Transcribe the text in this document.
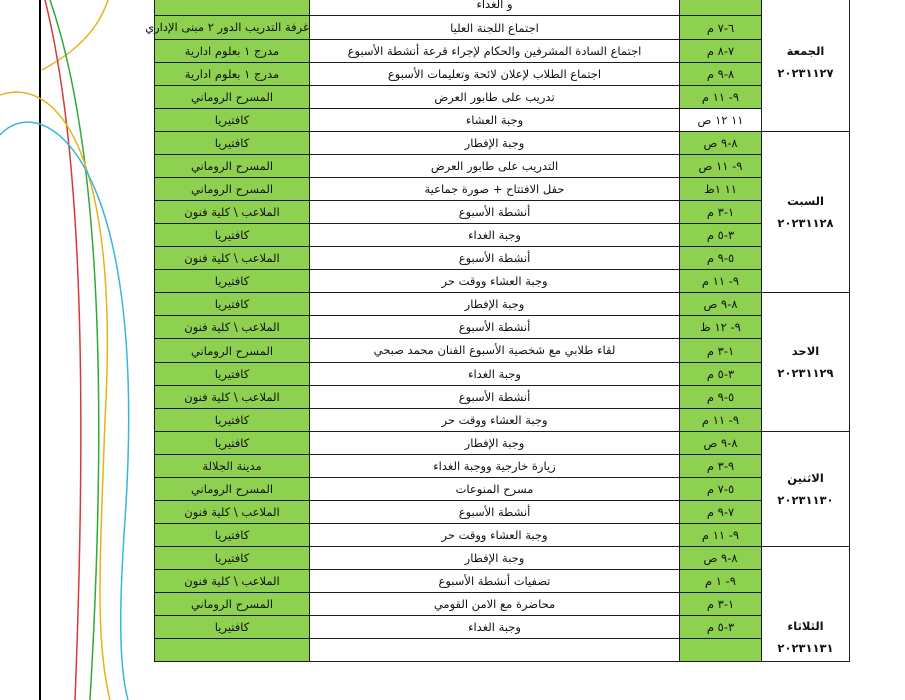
الجمعة
٢٠٢٣١١٢٧		و الغداء	
	٦-٧ م	اجتماع اللجنة العليا	غرفة التدريب الدور ٢ مبنى الإداري
	٧-٨ م	اجتماع السادة المشرفين والحكام لإجراء قرعة أنشطة الأسبوع	مدرج ١ بعلوم ادارية
	٨-٩ م	اجتماع الطلاب لإعلان لائحة وتعليمات الأسبوع	مدرج ١ بعلوم ادارية
	٩- ١١ م	تدريب على طابور العرض	المسرح الروماني
	١١ ١٢ ص	وجبة العشاء	كافتيريا

السبت
٢٠٢٣١١٢٨	٨-٩ ص	وجبة الإفطار	كافتيريا
	٩- ١١ ص	التدريب على طابور العرض	المسرح الروماني
	١١ ١ظ	حفل الافتتاح + صورة جماعية	المسرح الروماني
	١-٣ م	أنشطة الأسبوع	الملاعب \ كلية فنون
	٣-٥ م	وجبة الغداء	كافتيريا
	٥-٩ م	أنشطة الأسبوع	الملاعب \ كلية فنون
	٩- ١١ م	وجبة العشاء ووقت حر	كافتيريا

الاحد
٢٠٢٣١١٢٩	٨-٩ ص	وجبة الإفطار	كافتيريا
	٩- ١٢ ظ	أنشطة الأسبوع	الملاعب \ كلية فنون
	١-٣ م	لقاء طلابي مع شخصية الأسبوع الفنان محمد صبحي	المسرح الروماني
	٣-٥ م	وجبة الغداء	كافتيريا
	٥-٩ م	أنشطة الأسبوع	الملاعب \ كلية فنون
	٩- ١١ م	وجبة العشاء ووقت حر	كافتيريا

الاثنين
٢٠٢٣١١٣٠	٨-٩ ص	وجبة الإفطار	كافتيريا
	٩-٣ م	زيارة خارجية ووجبة الغداء	مدينة الجلالة
	٥-٧ م	مسرح المنوعات	المسرح الروماني
	٧-٩ م	أنشطة الأسبوع	الملاعب \ كلية فنون
	٩- ١١ م	وجبة العشاء ووقت حر	كافتيريا

الثلاثاء
٢٠٢٣١١٣١	٨-٩ ص	وجبة الإفطار	كافتيريا
	٩- ١ م	تصفيات أنشطة الأسبوع	الملاعب \ كلية فنون
	١-٣ م	محاضرة مع الامن القومي	المسرح الروماني
	٣-٥ م	وجبة الغداء	كافتيريا
